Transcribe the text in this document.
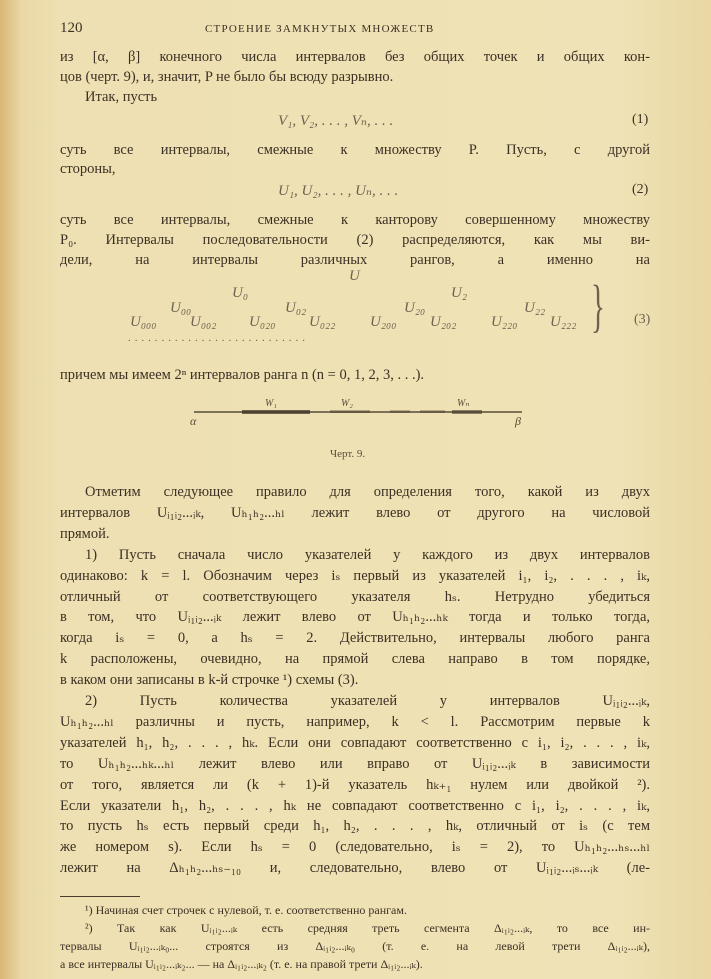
120	СТРОЕНИЕ ЗАМКНУТЫХ МНОЖЕСТВ
из [α, β] конечного числа интервалов без общих точек и общих кон-
цов (черт. 9), и, значит, P не было бы всюду разрывно.
Итак, пусть
суть все интервалы, смежные к множеству P. Пусть, с другой
стороны,
суть все интервалы, смежные к канторову совершенному множеству
P₀. Интервалы последовательности (2) распределяются, как мы ви-
дели, на интервалы различных рангов, а именно на
V₁, V₂, . . . , Vₙ, . . .	(1)
U₁, U₂, . . . , Uₙ, . . .	(2)
U
U₀	U₂
U₀₀	U₀₂	U₂₀	U₂₂
U₀₀₀ U₀₀₂ U₀₂₀ U₀₂₂ U₂₀₀ U₂₀₂ U₂₂₀ U₂₂₂
. . . . . . . . . . . . . . . . . . . . . . . . . . .	} (3)
причем мы имеем 2ⁿ интервалов ранга n (n = 0, 1, 2, 3, . . .).
W₁	W₂	Wₙ
α	β
Черт. 9.
Отметим следующее правило для определения того, какой из двух
интервалов Uᵢ₁ᵢ₂...ᵢₖ, Uₕ₁ₕ₂...ₕₗ лежит влево от другого на числовой
прямой.
1) Пусть сначала число указателей у каждого из двух интервалов
одинаково: k = l. Обозначим через iₛ первый из указателей i₁, i₂, . . . , iₖ,
отличный от соответствующего указателя hₛ. Нетрудно убедиться
в том, что Uᵢ₁ᵢ₂...ᵢₖ лежит влево от Uₕ₁ₕ₂...ₕₖ тогда и только тогда,
когда iₛ = 0, а hₛ = 2. Действительно, интервалы любого ранга
k расположены, очевидно, на прямой слева направо в том порядке,
в каком они записаны в k-й строчке ¹) схемы (3).
2) Пусть количества указателей у интервалов Uᵢ₁ᵢ₂...ᵢₖ,
Uₕ₁ₕ₂...ₕₗ различны и пусть, например, k < l. Рассмотрим первые k
указателей h₁, h₂, . . . , hₖ. Если они совпадают соответственно с i₁, i₂, . . . , iₖ,
то Uₕ₁ₕ₂...ₕₖ...ₕₗ лежит влево или вправо от Uᵢ₁ᵢ₂...ᵢₖ в зависимости
от того, является ли (k + 1)-й указатель hₖ₊₁ нулем или двойкой ²).
Если указатели h₁, h₂, . . . , hₖ не совпадают соответственно с i₁, i₂, . . . , iₖ,
то пусть hₛ есть первый среди h₁, h₂, . . . , hₖ, отличный от iₛ (с тем
же номером s). Если hₛ = 0 (следовательно, iₛ = 2), то Uₕ₁ₕ₂...ₕₛ...ₕₗ
лежит на Δₕ₁ₕ₂...ₕₛ₋₁₀ и, следовательно, влево от Uᵢ₁ᵢ₂...ᵢₛ...ᵢₖ (ле-
¹) Начиная счет строчек с нулевой, т. е. соответственно рангам.
²) Так как Uᵢ₁ᵢ₂...ᵢₖ есть средняя треть сегмента Δᵢ₁ᵢ₂...ᵢₖ, то все ин-
тервалы Uᵢ₁ᵢ₂...ᵢₖ₀... строятся из Δᵢ₁ᵢ₂...ᵢₖ₀ (т. е. на левой трети Δᵢ₁ᵢ₂...ᵢₖ),
а все интервалы Uᵢ₁ᵢ₂...ᵢₖ₂... — на Δᵢ₁ᵢ₂...ᵢₖ₂ (т. е. на правой трети Δᵢ₁ᵢ₂...ᵢₖ).
